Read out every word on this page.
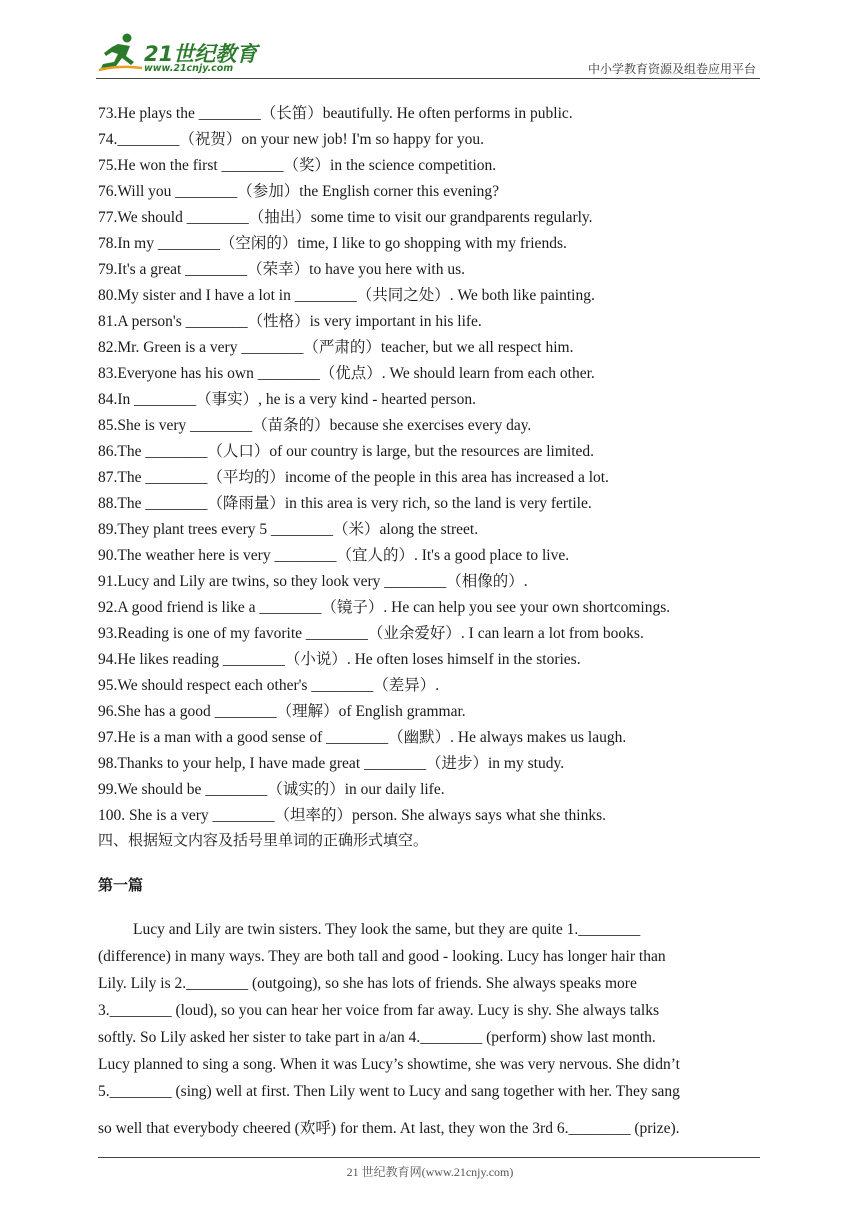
21世纪教育
www.21cnjy.com	中小学教育资源及组卷应用平台
73.He plays the ________（长笛）beautifully. He often performs in public.
74.________（祝贺）on your new job! I'm so happy for you.
75.He won the first ________（奖）in the science competition.
76.Will you ________（参加）the English corner this evening?
77.We should ________（抽出）some time to visit our grandparents regularly.
78.In my ________（空闲的）time, I like to go shopping with my friends.
79.It's a great ________（荣幸）to have you here with us.
80.My sister and I have a lot in ________（共同之处）. We both like painting.
81.A person's ________（性格）is very important in his life.
82.Mr. Green is a very ________（严肃的）teacher, but we all respect him.
83.Everyone has his own ________（优点）. We should learn from each other.
84.In ________（事实）, he is a very kind - hearted person.
85.She is very ________（苗条的）because she exercises every day.
86.The ________（人口）of our country is large, but the resources are limited.
87.The ________（平均的）income of the people in this area has increased a lot.
88.The ________（降雨量）in this area is very rich, so the land is very fertile.
89.They plant trees every 5 ________（米）along the street.
90.The weather here is very ________（宜人的）. It's a good place to live.
91.Lucy and Lily are twins, so they look very ________（相像的）.
92.A good friend is like a ________（镜子）. He can help you see your own shortcomings.
93.Reading is one of my favorite ________（业余爱好）. I can learn a lot from books.
94.He likes reading ________（小说）. He often loses himself in the stories.
95.We should respect each other's ________（差异）.
96.She has a good ________（理解）of English grammar.
97.He is a man with a good sense of ________（幽默）. He always makes us laugh.
98.Thanks to your help, I have made great ________（进步）in my study.
99.We should be ________（诚实的）in our daily life.
100. She is a very ________（坦率的）person. She always says what she thinks.
四、根据短文内容及括号里单词的正确形式填空。
第一篇
Lucy and Lily are twin sisters. They look the same, but they are quite 1.________
(difference) in many ways. They are both tall and good - looking. Lucy has longer hair than
Lily. Lily is 2.________ (outgoing), so she has lots of friends. She always speaks more
3.________ (loud), so you can hear her voice from far away. Lucy is shy. She always talks
softly. So Lily asked her sister to take part in a/an 4.________ (perform) show last month.
Lucy planned to sing a song. When it was Lucy’s showtime, she was very nervous. She didn’t
5.________ (sing) well at first. Then Lily went to Lucy and sang together with her. They sang
so well that everybody cheered (欢呼) for them. At last, they won the 3rd 6.________ (prize).
21 世纪教育网(www.21cnjy.com)
